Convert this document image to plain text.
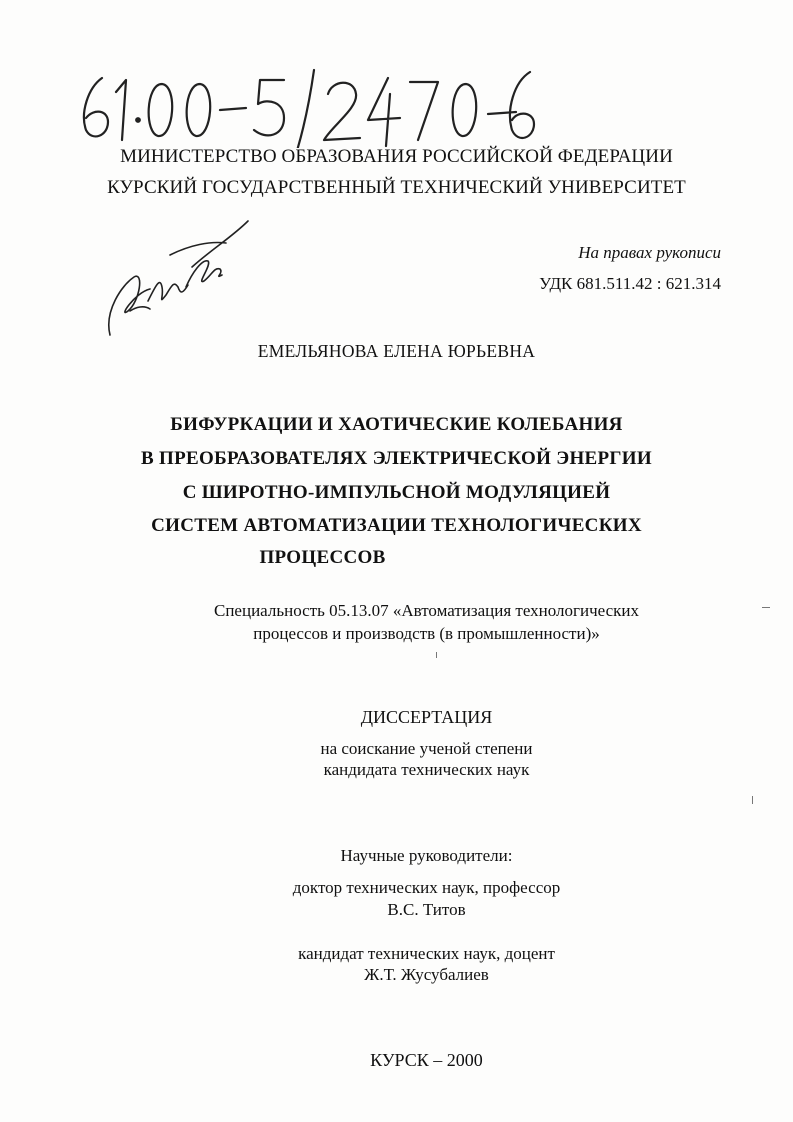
МИНИСТЕРСТВО ОБРАЗОВАНИЯ РОССИЙСКОЙ ФЕДЕРАЦИИ
КУРСКИЙ ГОСУДАРСТВЕННЫЙ ТЕХНИЧЕСКИЙ УНИВЕРСИТЕТ
На правах рукописи
УДК 681.511.42 : 621.314
ЕМЕЛЬЯНОВА ЕЛЕНА ЮРЬЕВНА
БИФУРКАЦИИ И ХАОТИЧЕСКИЕ КОЛЕБАНИЯ
В ПРЕОБРАЗОВАТЕЛЯХ ЭЛЕКТРИЧЕСКОЙ ЭНЕРГИИ
С ШИРОТНО-ИМПУЛЬСНОЙ МОДУЛЯЦИЕЙ
СИСТЕМ АВТОМАТИЗАЦИИ ТЕХНОЛОГИЧЕСКИХ
ПРОЦЕССОВ
Специальность 05.13.07 «Автоматизация технологических
процессов и производств (в промышленности)»
ДИССЕРТАЦИЯ
на соискание ученой степени
кандидата технических наук
Научные руководители:
доктор технических наук, профессор
В.С. Титов
кандидат технических наук, доцент
Ж.Т. Жусубалиев
КУРСК – 2000
